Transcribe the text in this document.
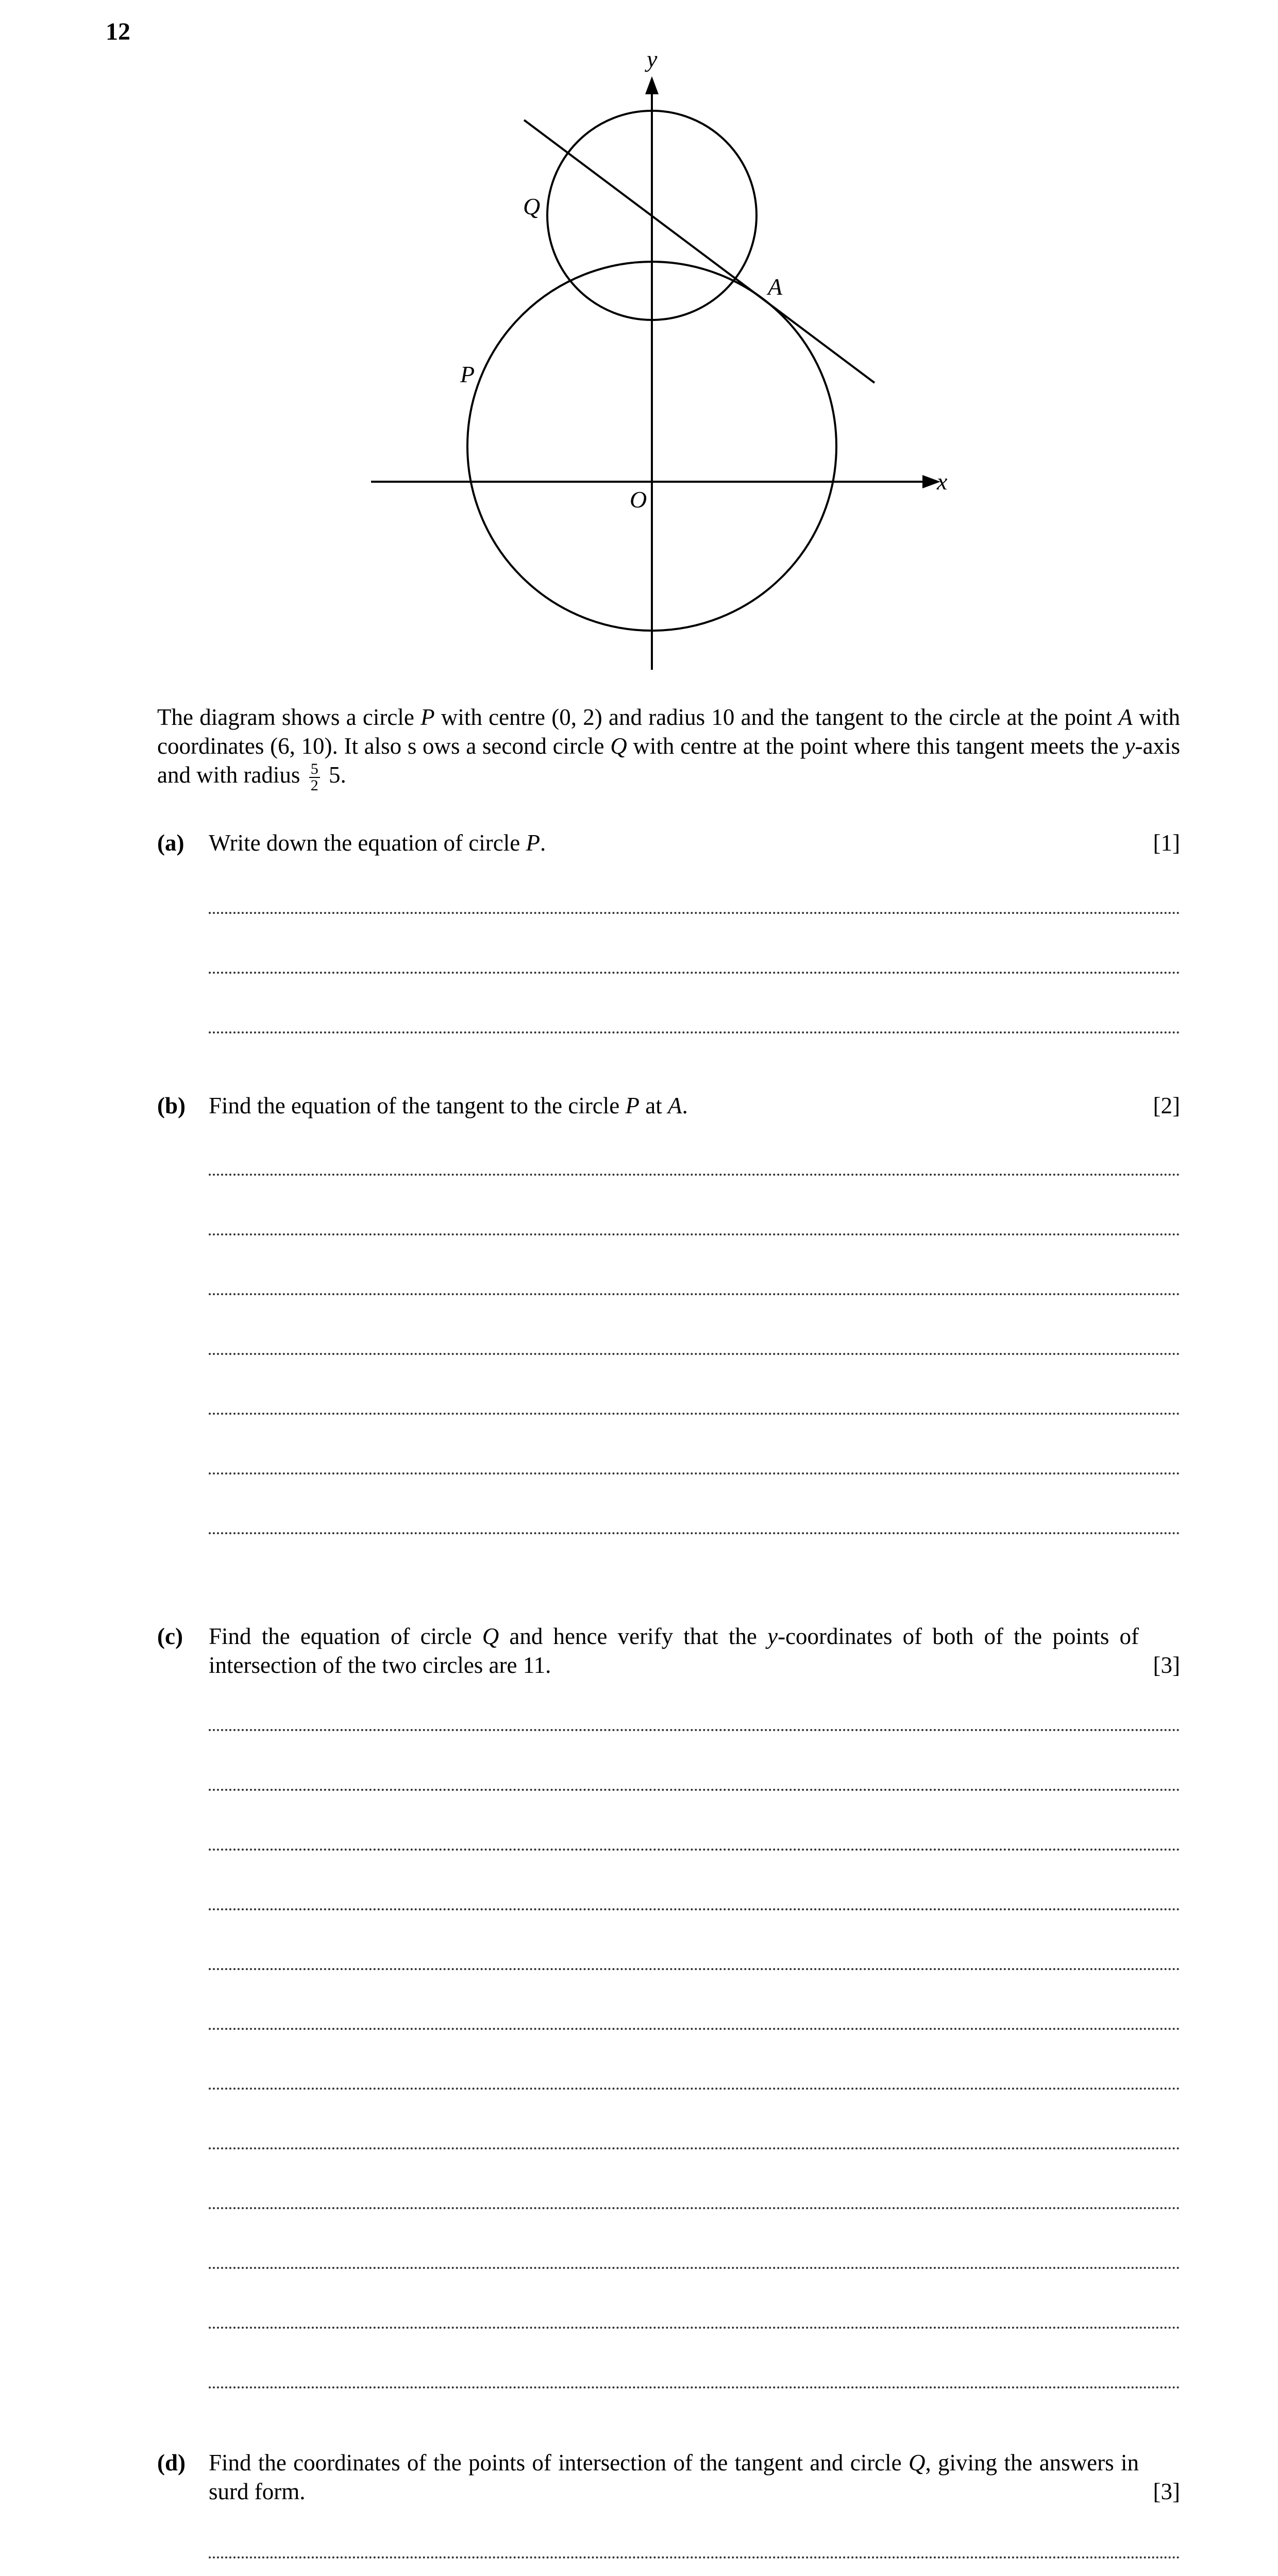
12
y
x
O
P
Q
A
The diagram shows a circle P with centre (0, 2) and radius 10 and the tangent to the circle at the point A with coordinates (6, 10). It also s ows a second circle Q with centre at the point where this tangent meets the y-axis and with radius $\frac{5}{2} 5$.
(a) Write down the equation of circle P.	[1]
(b) Find the equation of the tangent to the circle P at A.	[2]
(c) Find the equation of circle Q and hence verify that the y-coordinates of both of the points of intersection of the two circles are 11.	[3]
(d) Find the coordinates of the points of intersection of the tangent and circle Q, giving the answers in surd form.	[3]
